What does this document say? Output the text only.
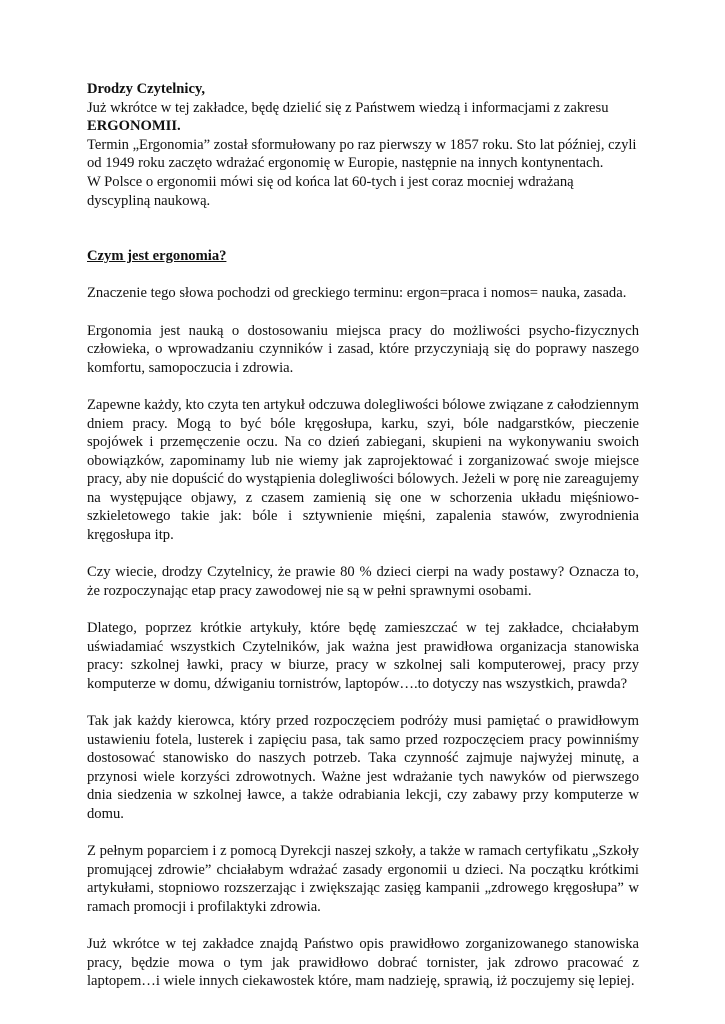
Drodzy Czytelnicy,

Już wkrótce w tej zakładce, będę dzielić się z Państwem wiedzą i informacjami z zakresu

ERGONOMII.

Termin „Ergonomia” został sformułowany po raz pierwszy w 1857 roku. Sto lat później, czyli od 1949 roku zaczęto wdrażać ergonomię w Europie, następnie na innych kontynentach.

W Polsce o ergonomii mówi się od końca lat 60-tych i jest coraz mocniej wdrażaną dyscypliną naukową.

Czym jest ergonomia?

Znaczenie tego słowa pochodzi od greckiego terminu: ergon=praca i nomos= nauka, zasada.

Ergonomia jest nauką o dostosowaniu miejsca pracy do możliwości psycho-fizycznych człowieka, o wprowadzaniu czynników i zasad, które przyczyniają się do poprawy naszego komfortu, samopoczucia i zdrowia.

Zapewne każdy, kto czyta ten artykuł odczuwa dolegliwości bólowe związane z całodziennym dniem pracy. Mogą to być bóle kręgosłupa, karku, szyi, bóle nadgarstków, pieczenie spojówek i przemęczenie oczu. Na co dzień zabiegani, skupieni na wykonywaniu swoich obowiązków, zapominamy lub nie wiemy jak zaprojektować i zorganizować swoje miejsce pracy, aby nie dopuścić do wystąpienia dolegliwości bólowych. Jeżeli w porę nie zareagujemy na występujące objawy, z czasem zamienią się one w schorzenia układu mięśniowo-szkieletowego takie jak: bóle i sztywnienie mięśni, zapalenia stawów, zwyrodnienia kręgosłupa itp.

Czy wiecie, drodzy Czytelnicy, że prawie 80 % dzieci cierpi na wady postawy? Oznacza to, że rozpoczynając etap pracy zawodowej nie są w pełni sprawnymi osobami.

Dlatego, poprzez krótkie artykuły, które będę zamieszczać w tej zakładce, chciałabym uświadamiać wszystkich Czytelników, jak ważna jest prawidłowa organizacja stanowiska pracy: szkolnej ławki, pracy w biurze, pracy w szkolnej sali komputerowej, pracy przy komputerze w domu, dźwiganiu tornistrów, laptopów….to dotyczy nas wszystkich, prawda?

Tak jak każdy kierowca, który przed rozpoczęciem podróży musi pamiętać o prawidłowym ustawieniu fotela, lusterek i zapięciu pasa, tak samo przed rozpoczęciem pracy powinniśmy dostosować stanowisko do naszych potrzeb. Taka czynność zajmuje najwyżej minutę, a przynosi wiele korzyści zdrowotnych. Ważne jest wdrażanie tych nawyków od pierwszego dnia siedzenia w szkolnej ławce, a także odrabiania lekcji, czy zabawy przy komputerze w domu.

Z pełnym poparciem i z pomocą Dyrekcji naszej szkoły, a także w ramach certyfikatu „Szkoły promującej zdrowie” chciałabym wdrażać zasady ergonomii u dzieci. Na początku krótkimi artykułami, stopniowo rozszerzając i zwiększając zasięg kampanii „zdrowego kręgosłupa” w ramach promocji i profilaktyki zdrowia.

Już wkrótce w tej zakładce znajdą Państwo opis prawidłowo zorganizowanego stanowiska pracy, będzie mowa o tym jak prawidłowo dobrać tornister, jak zdrowo pracować z laptopem…i wiele innych ciekawostek które, mam nadzieję, sprawią, iż poczujemy się lepiej.
